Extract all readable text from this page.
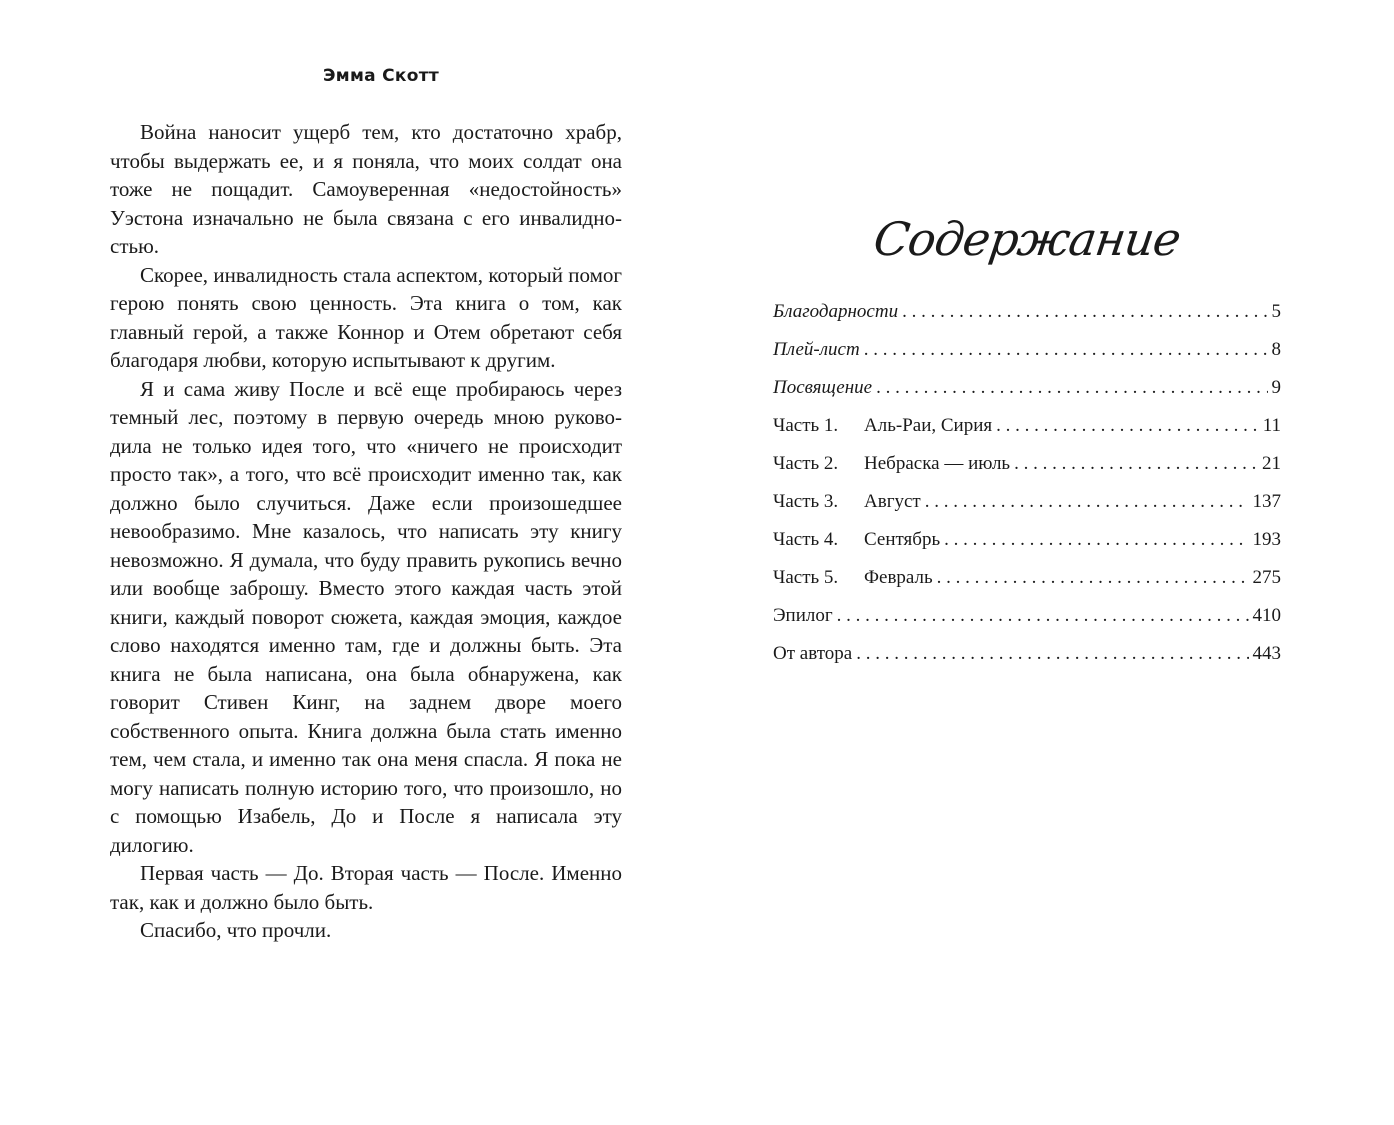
Эмма Скотт

Война наносит ущерб тем, кто достаточно храбр, чтобы выдержать ее, и я поняла, что моих солдат она тоже не пощадит. Самоуверенная «недостойность» Уэстона изначально не была связана с его инвалидностью.

Скорее, инвалидность стала аспектом, который помог герою понять свою ценность. Эта книга о том, как главный герой, а также Коннор и Отем обретают себя благодаря любви, которую испытывают к другим.

Я и сама живу После и всё еще пробираюсь через темный лес, поэтому в первую очередь мною руководила не только идея того, что «ничего не происходит просто так», а того, что всё происходит именно так, как должно было случиться. Даже если произошедшее невообразимо. Мне казалось, что написать эту книгу невозможно. Я думала, что буду править рукопись вечно или вообще заброшу. Вместо этого каждая часть этой книги, каждый поворот сюжета, каждая эмоция, каждое слово находятся именно там, где и должны быть. Эта книга не была написана, она была обнаружена, как говорит Стивен Кинг, на заднем дворе моего собственного опыта. Книга должна была стать именно тем, чем стала, и именно так она меня спасла. Я пока не могу написать полную историю того, что произошло, но с помощью Изабель, До и После я написала эту дилогию.

Первая часть — До. Вторая часть — После. Именно так, как и должно было быть.

Спасибо, что прочли.

Содержание
Благодарности . . .	5
Плей-лист . . .	8
Посвящение . . .	9
Часть 1. Аль-Раи, Сирия . . .	11
Часть 2. Небраска — июль . . .	21
Часть 3. Август . . .	137
Часть 4. Сентябрь . . .	193
Часть 5. Февраль . . .	275
Эпилог . . .	410
От автора . . .	443
